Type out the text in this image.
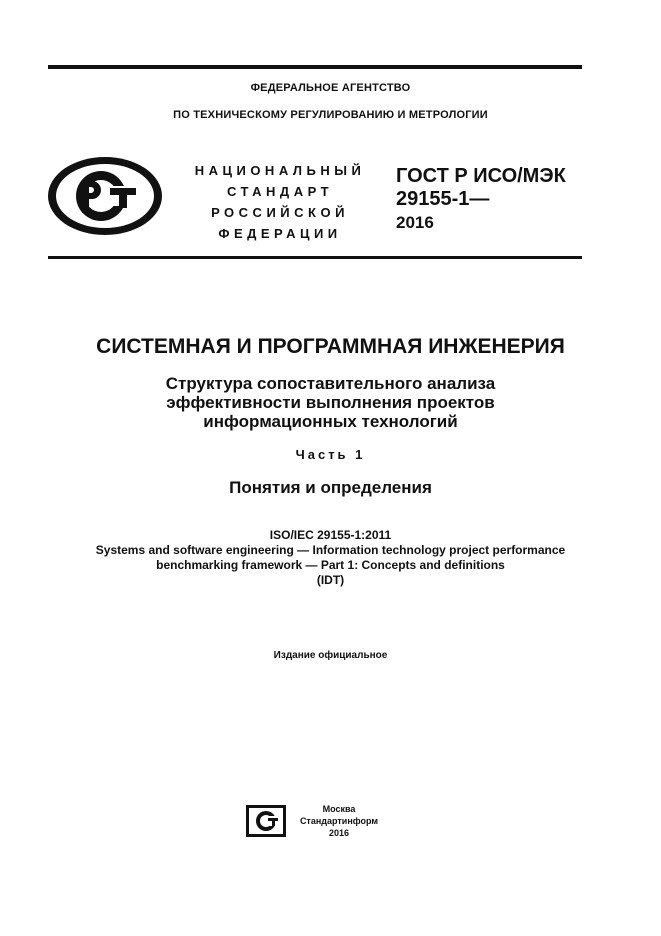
ФЕДЕРАЛЬНОЕ АГЕНТСТВО
ПО ТЕХНИЧЕСКОМУ РЕГУЛИРОВАНИЮ И МЕТРОЛОГИИ
НАЦИОНАЛЬНЫЙ
СТАНДАРТ
РОССИЙСКОЙ
ФЕДЕРАЦИИ
ГОСТ Р ИСО/МЭК
29155-1—
2016
СИСТЕМНАЯ И ПРОГРАММНАЯ ИНЖЕНЕРИЯ
Структура сопоставительного анализа
эффективности выполнения проектов
информационных технологий
Часть 1
Понятия и определения
ISO/IEC 29155-1:2011
Systems and software engineering — Information technology project performance
benchmarking framework — Part 1: Concepts and definitions
(IDT)
Издание официальное
Москва
Стандартинформ
2016
